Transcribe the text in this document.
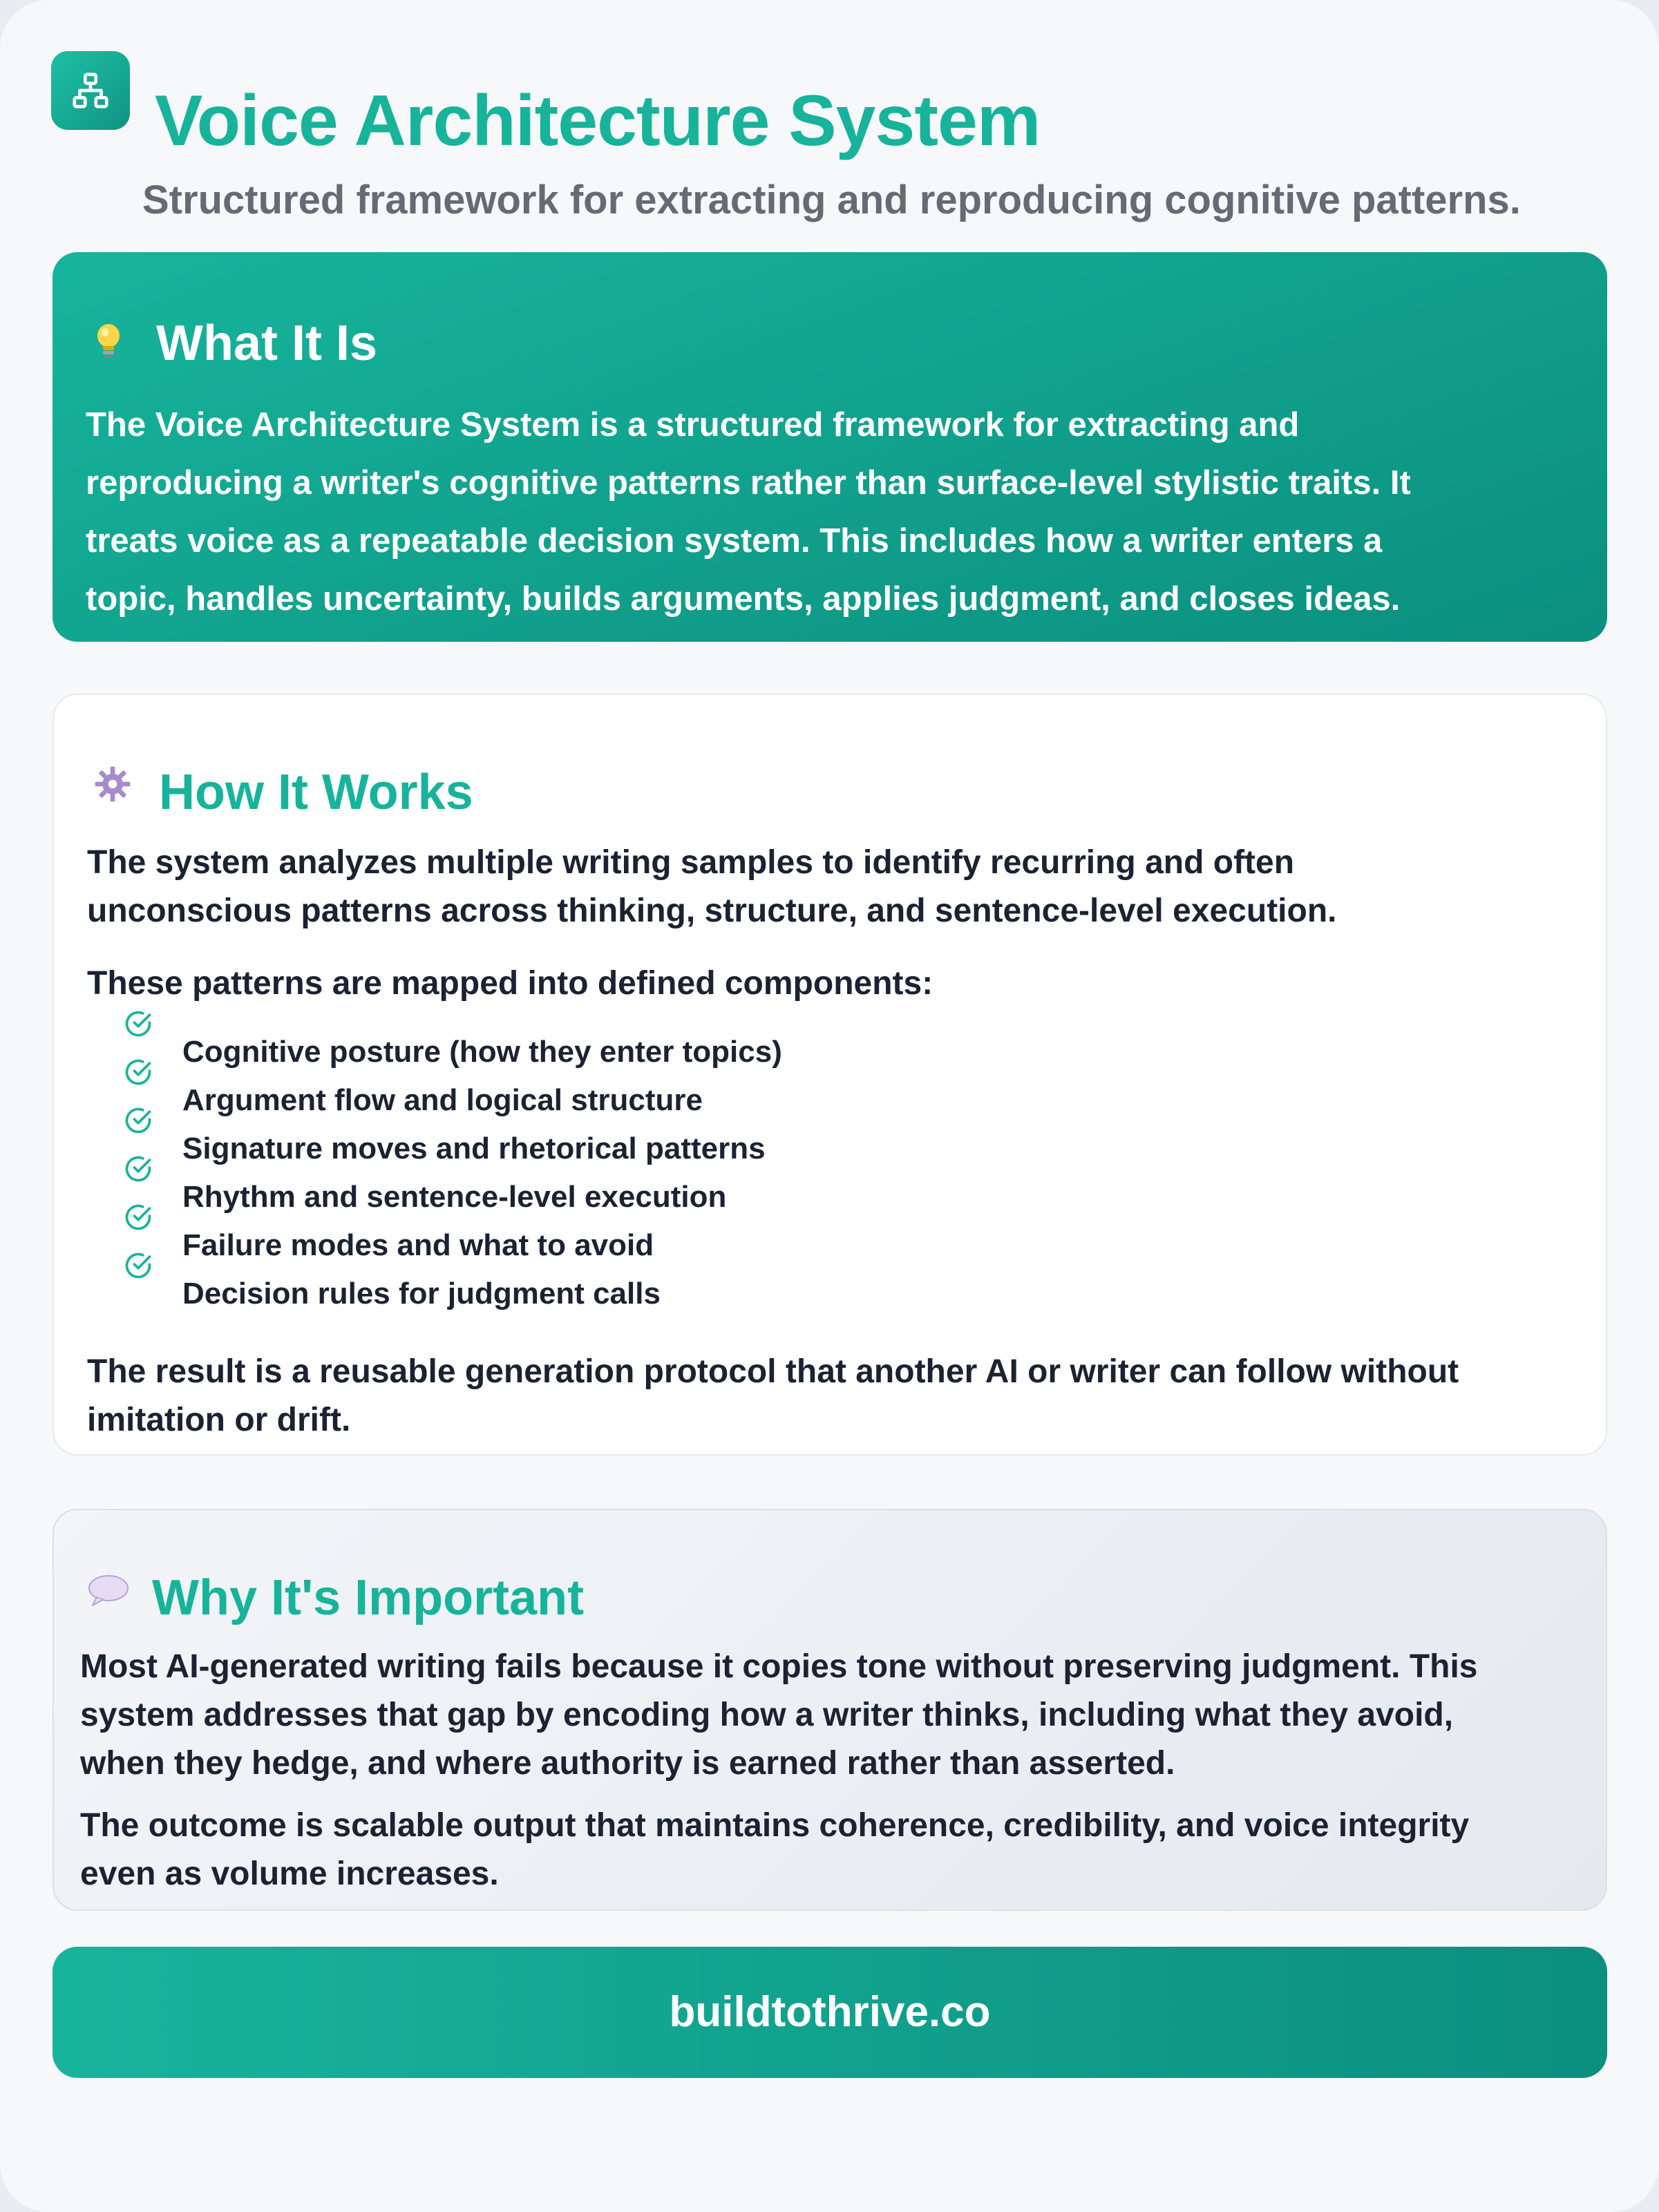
Voice Architecture System

Structured framework for extracting and reproducing cognitive patterns.

What It Is
The Voice Architecture System is a structured framework for extracting and
reproducing a writer's cognitive patterns rather than surface-level stylistic traits. It
treats voice as a repeatable decision system. This includes how a writer enters a
topic, handles uncertainty, builds arguments, applies judgment, and closes ideas.
How It Works
The system analyzes multiple writing samples to identify recurring and often
unconscious patterns across thinking, structure, and sentence-level execution.

These patterns are mapped into defined components:

Cognitive posture (how they enter topics)
Argument flow and logical structure
Signature moves and rhetorical patterns
Rhythm and sentence-level execution
Failure modes and what to avoid
Decision rules for judgment calls
The result is a reusable generation protocol that another AI or writer can follow without
imitation or drift.
Why It's Important
Most AI-generated writing fails because it copies tone without preserving judgment. This
system addresses that gap by encoding how a writer thinks, including what they avoid,
when they hedge, and where authority is earned rather than asserted.
The outcome is scalable output that maintains coherence, credibility, and voice integrity
even as volume increases.

buildtothrive.co
